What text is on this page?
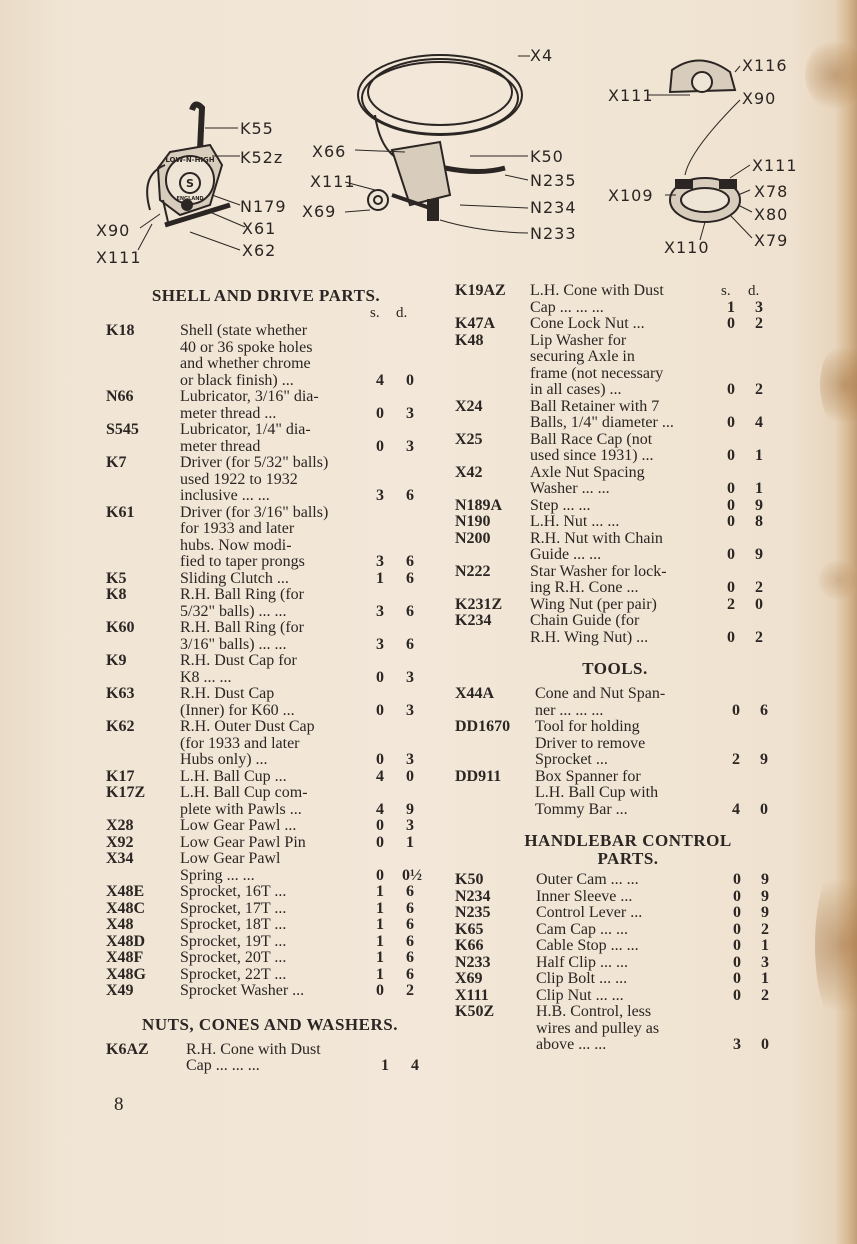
LOW-N-HIGH
S
ENGLAND
K55
K52z
N179
X61
X62
X90
X111
X4
X66
X111
X69
K50
N235
N234
N233
X116
X111	X90
X111
X109	X78
X80
X79
X110
SHELL AND DRIVE PARTS.
s. d.
K18	Shell (state whether
40 or 36 spoke holes
and whether chrome
or black finish) ...	4 0
N66	Lubricator, 3/16" dia-
meter thread ...	0 3
S545	Lubricator, 1/4" dia-
meter thread	0 3
K7	Driver (for 5/32" balls)
used 1922 to 1932
inclusive ... ...	3 6
K61	Driver (for 3/16" balls)
for 1933 and later
hubs. Now modi-
fied to taper prongs	3 6
K5	Sliding Clutch ...	1 6
K8	R.H. Ball Ring (for
5/32" balls) ... ...	3 6
K60	R.H. Ball Ring (for
3/16" balls) ... ...	3 6
K9	R.H. Dust Cap for
K8 ... ...	0 3
K63	R.H. Dust Cap
(Inner) for K60 ...	0 3
K62	R.H. Outer Dust Cap
(for 1933 and later
Hubs only) ...	0 3
K17	L.H. Ball Cup ...	4 0
K17Z L.H. Ball Cup com-
plete with Pawls ...	4 9
X28	Low Gear Pawl ...	0 3
X92	Low Gear Pawl Pin	0 1
X34	Low Gear Pawl
Spring ... ...	0 0½
X48E Sprocket, 16T ...	1 6
X48C Sprocket, 17T ...	1 6
X48	Sprocket, 18T ...	1 6
X48D Sprocket, 19T ...	1 6
X48F Sprocket, 20T ...	1 6
X48G Sprocket, 22T ...	1 6
X49	Sprocket Washer ...	0 2
NUTS, CONES AND WASHERS.
K6AZ R.H. Cone with Dust
Cap ... ... ...	1 4
s. d.
K19AZ L.H. Cone with Dust
Cap ... ... ...	1 3
K47A Cone Lock Nut ...	0 2
K48	Lip Washer for
securing Axle in
frame (not necessary
in all cases) ...	0 2
X24	Ball Retainer with 7
Balls, 1/4" diameter ...	0 4
X25	Ball Race Cap (not
used since 1931) ...	0 1
X42	Axle Nut Spacing
Washer ... ...	0 1
N189A Step ... ...	0 9
N190 L.H. Nut ... ...	0 8
N200 R.H. Nut with Chain
Guide ... ...	0 9
N222 Star Washer for lock-
ing R.H. Cone ...	0 2
K231Z Wing Nut (per pair)	2 0
K234 Chain Guide (for
R.H. Wing Nut) ...	0 2
TOOLS.
X44A	Cone and Nut Span-
ner ... ... ...	0 6
DD1670 Tool for holding
Driver to remove
Sprocket ...	2 9
DD911 Box Spanner for
L.H. Ball Cup with
Tommy Bar ...	4 0
HANDLEBAR CONTROL
PARTS.
K50	Outer Cam ... ...	0 9
N234	Inner Sleeve ...	0 9
N235	Control Lever ...	0 9
K65	Cam Cap ... ...	0 2
K66	Cable Stop ... ...	0 1
N233	Half Clip ... ...	0 3
X69	Clip Bolt ... ...	0 1
X111	Clip Nut ... ...	0 2
K50Z	H.B. Control, less
wires and pulley as
above ... ...	3 0
8
